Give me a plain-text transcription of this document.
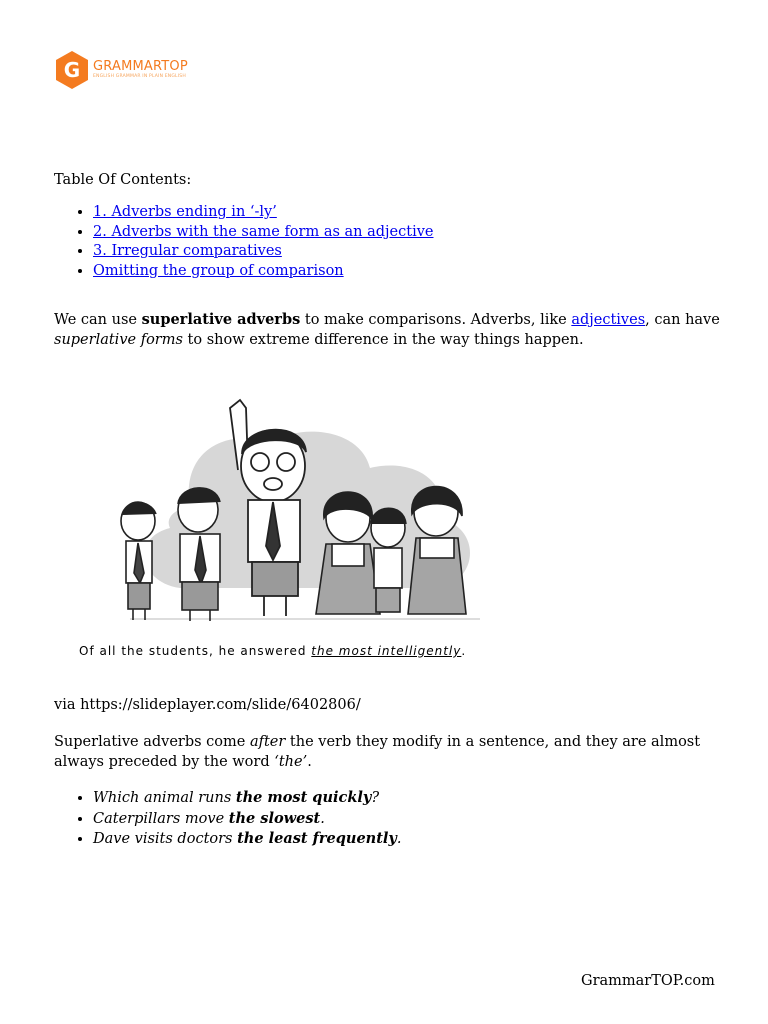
G GRAMMARTOP
ENGLISH GRAMMAR IN PLAIN ENGLISH

Table Of Contents:

• 1. Adverbs ending in ‘-ly’
• 2. Adverbs with the same form as an adjective
• 3. Irregular comparatives
• Omitting the group of comparison

We can use superlative adverbs to make comparisons. Adverbs, like adjectives, can have superlative forms to show extreme difference in the way things happen.

Of all the students, he answered the most intelligently.

via https://slideplayer.com/slide/6402806/

Superlative adverbs come after the verb they modify in a sentence, and they are almost always preceded by the word ‘the’.

• Which animal runs the most quickly?
• Caterpillars move the slowest.
• Dave visits doctors the least frequently.

GrammarTOP.com
